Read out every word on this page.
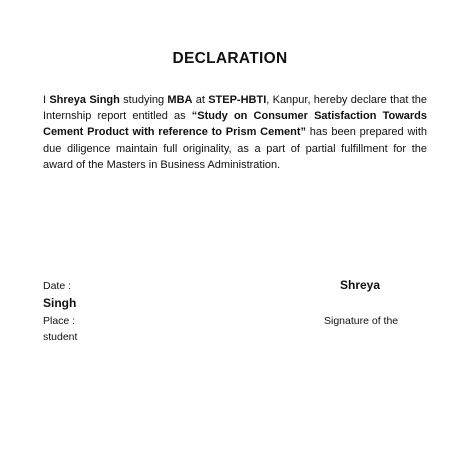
DECLARATION
I Shreya Singh studying MBA at STEP-HBTI, Kanpur, hereby declare that the Internship report entitled as “Study on Consumer Satisfaction Towards Cement Product with reference to Prism Cement” has been prepared with due diligence maintain full originality, as a part of partial fulfillment for the award of the Masters in Business Administration.
Date :	Shreya
Singh
Place :	Signature of the
student
